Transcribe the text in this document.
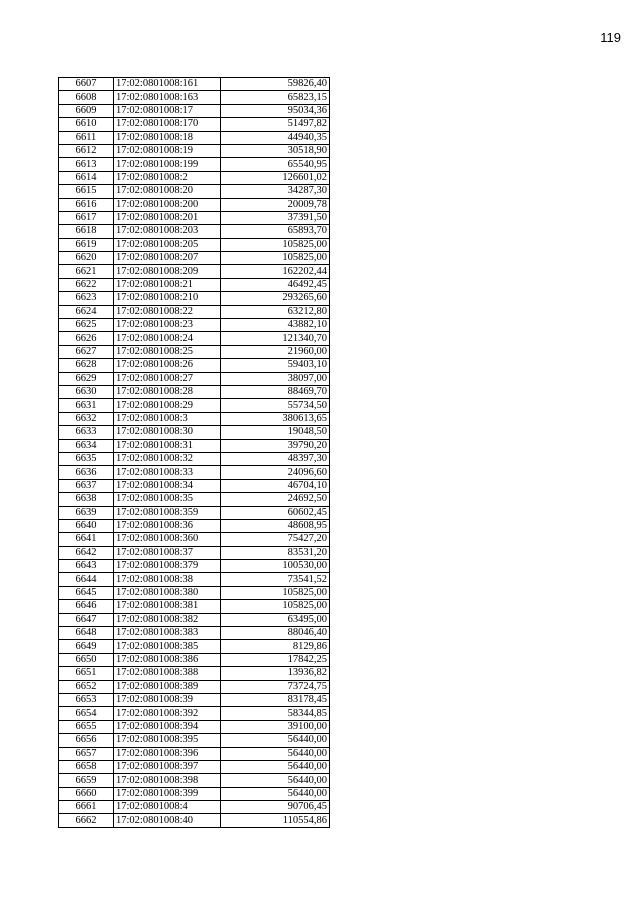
119
6607	17:02:0801008:161	59826,40
6608	17:02:0801008:163	65823,15
6609	17:02:0801008:17	95034,36
6610	17:02:0801008:170	51497,82
6611	17:02:0801008:18	44940,35
6612	17:02:0801008:19	30518,90
6613	17:02:0801008:199	65540,95
6614	17:02:0801008:2	126601,02
6615	17:02:0801008:20	34287,30
6616	17:02:0801008:200	20009,78
6617	17:02:0801008:201	37391,50
6618	17:02:0801008:203	65893,70
6619	17:02:0801008:205	105825,00
6620	17:02:0801008:207	105825,00
6621	17:02:0801008:209	162202,44
6622	17:02:0801008:21	46492,45
6623	17:02:0801008:210	293265,60
6624	17:02:0801008:22	63212,80
6625	17:02:0801008:23	43882,10
6626	17:02:0801008:24	121340,70
6627	17:02:0801008:25	21960,00
6628	17:02:0801008:26	59403,10
6629	17:02:0801008:27	38097,00
6630	17:02:0801008:28	88469,70
6631	17:02:0801008:29	55734,50
6632	17:02:0801008:3	380613,65
6633	17:02:0801008:30	19048,50
6634	17:02:0801008:31	39790,20
6635	17:02:0801008:32	48397,30
6636	17:02:0801008:33	24096,60
6637	17:02:0801008:34	46704,10
6638	17:02:0801008:35	24692,50
6639	17:02:0801008:359	60602,45
6640	17:02:0801008:36	48608,95
6641	17:02:0801008:360	75427,20
6642	17:02:0801008:37	83531,20
6643	17:02:0801008:379	100530,00
6644	17:02:0801008:38	73541,52
6645	17:02:0801008:380	105825,00
6646	17:02:0801008:381	105825,00
6647	17:02:0801008:382	63495,00
6648	17:02:0801008:383	88046,40
6649	17:02:0801008:385	8129,86
6650	17:02:0801008:386	17842,25
6651	17:02:0801008:388	13936,82
6652	17:02:0801008:389	73724,75
6653	17:02:0801008:39	83178,45
6654	17:02:0801008:392	58344,85
6655	17:02:0801008:394	39100,00
6656	17:02:0801008:395	56440,00
6657	17:02:0801008:396	56440,00
6658	17:02:0801008:397	56440,00
6659	17:02:0801008:398	56440,00
6660	17:02:0801008:399	56440,00
6661	17:02:0801008:4	90706,45
6662	17:02:0801008:40	110554,86
